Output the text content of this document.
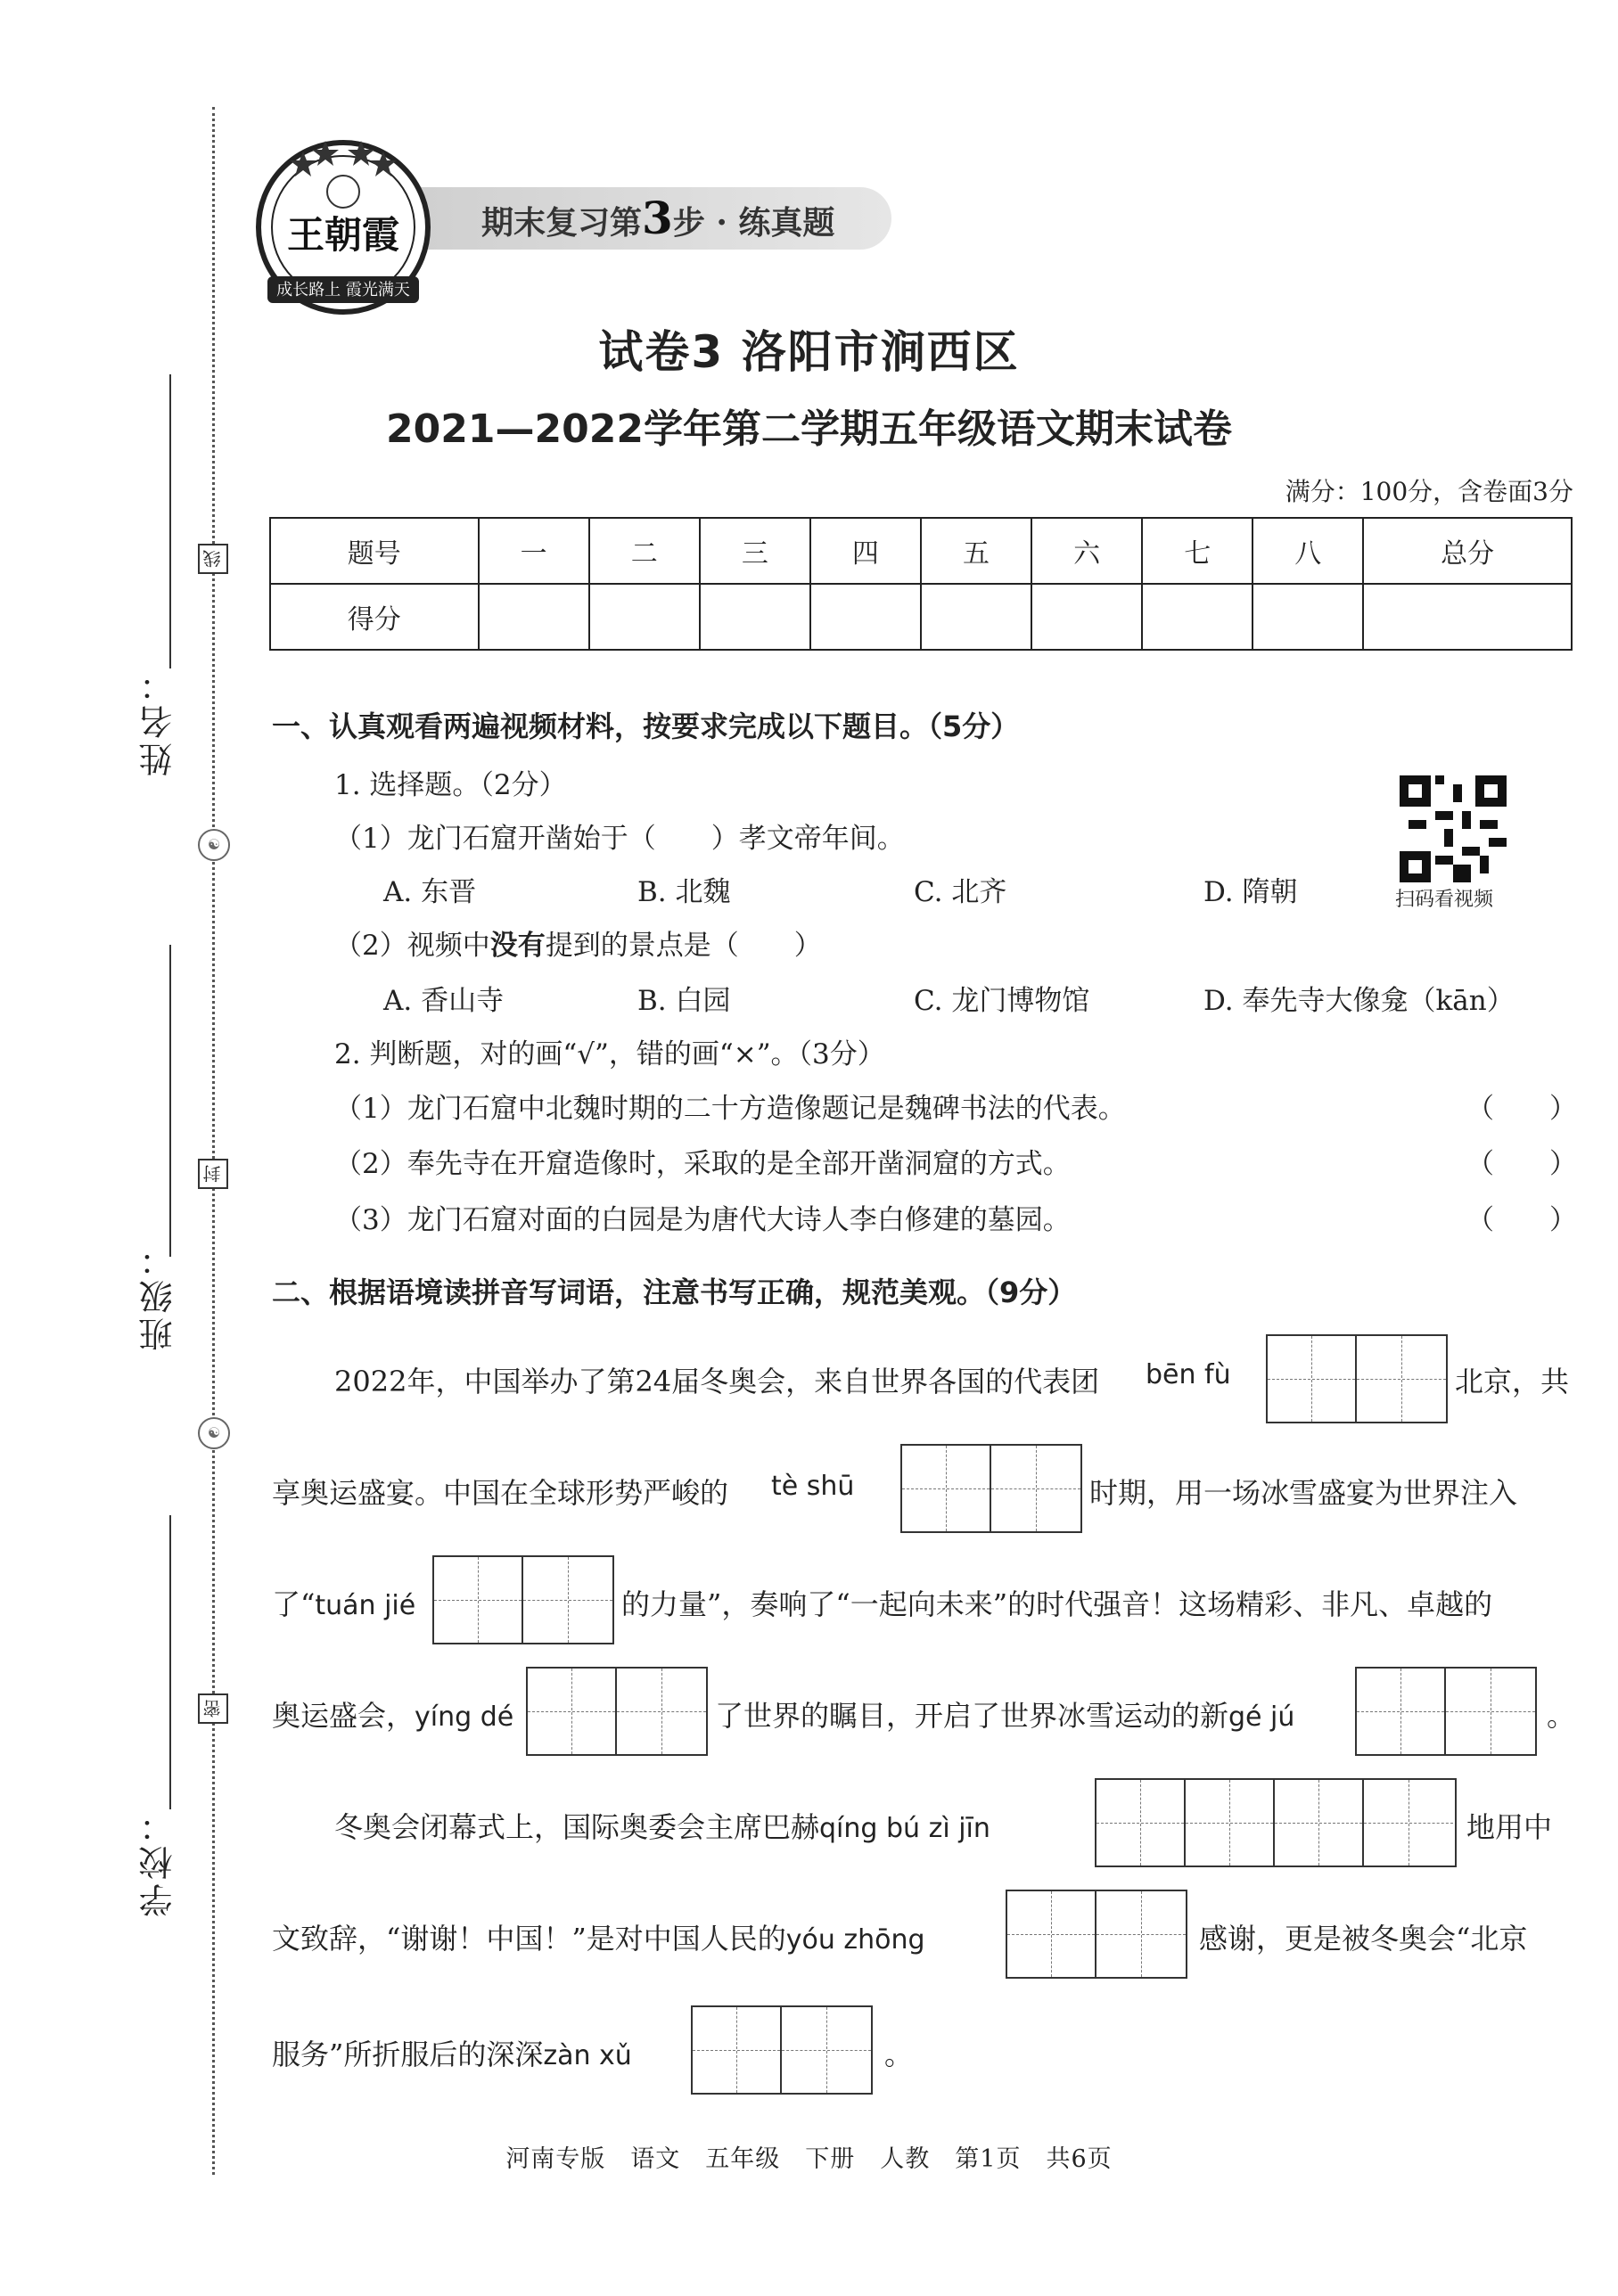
姓名：
班级：
学校：
线
封
密
☯
☯
期末复习第3步 · 练真题
成长路上 霞光满天
王朝霞
试卷3 洛阳市涧西区
2021—2022学年第二学期五年级语文期末试卷
满分：100分，含卷面3分
题号	一	二	三	四	五	六	七	八	总分
得分									
一、认真观看两遍视频材料，按要求完成以下题目。（5分）
1. 选择题。（2分）
（1）龙门石窟开凿始于（　　）孝文帝年间。
A. 东晋	B. 北魏	C. 北齐	D. 隋朝	扫码看视频
（2）视频中没有提到的景点是（　　）
A. 香山寺	B. 白园	C. 龙门博物馆	D. 奉先寺大像龛（kān）
2. 判断题，对的画“√”，错的画“×”。（3分）
（1）龙门石窟中北魏时期的二十方造像题记是魏碑书法的代表。	（　　）
（2）奉先寺在开窟造像时，采取的是全部开凿洞窟的方式。	（　　）
（3）龙门石窟对面的白园是为唐代大诗人李白修建的墓园。	（　　）
二、根据语境读拼音写词语，注意书写正确，规范美观。（9分）
2022年，中国举办了第24届冬奥会，来自世界各国的代表团 bēn fù	北京，共
享奥运盛宴。中国在全球形势严峻的 tè shū	时期，用一场冰雪盛宴为世界注入
了“tuán jié	的力量”，奏响了“一起向未来”的时代强音！这场精彩、非凡、卓越的
奥运盛会，yíng dé	了世界的瞩目，开启了世界冰雪运动的新gé jú	。
冬奥会闭幕式上，国际奥委会主席巴赫qíng bú zì jīn	地用中
文致辞，“谢谢！中国！”是对中国人民的yóu zhōng	感谢，更是被冬奥会“北京
服务”所折服后的深深zàn xǔ	。
河南专版　语文　五年级　下册　人教　第1页　共6页
